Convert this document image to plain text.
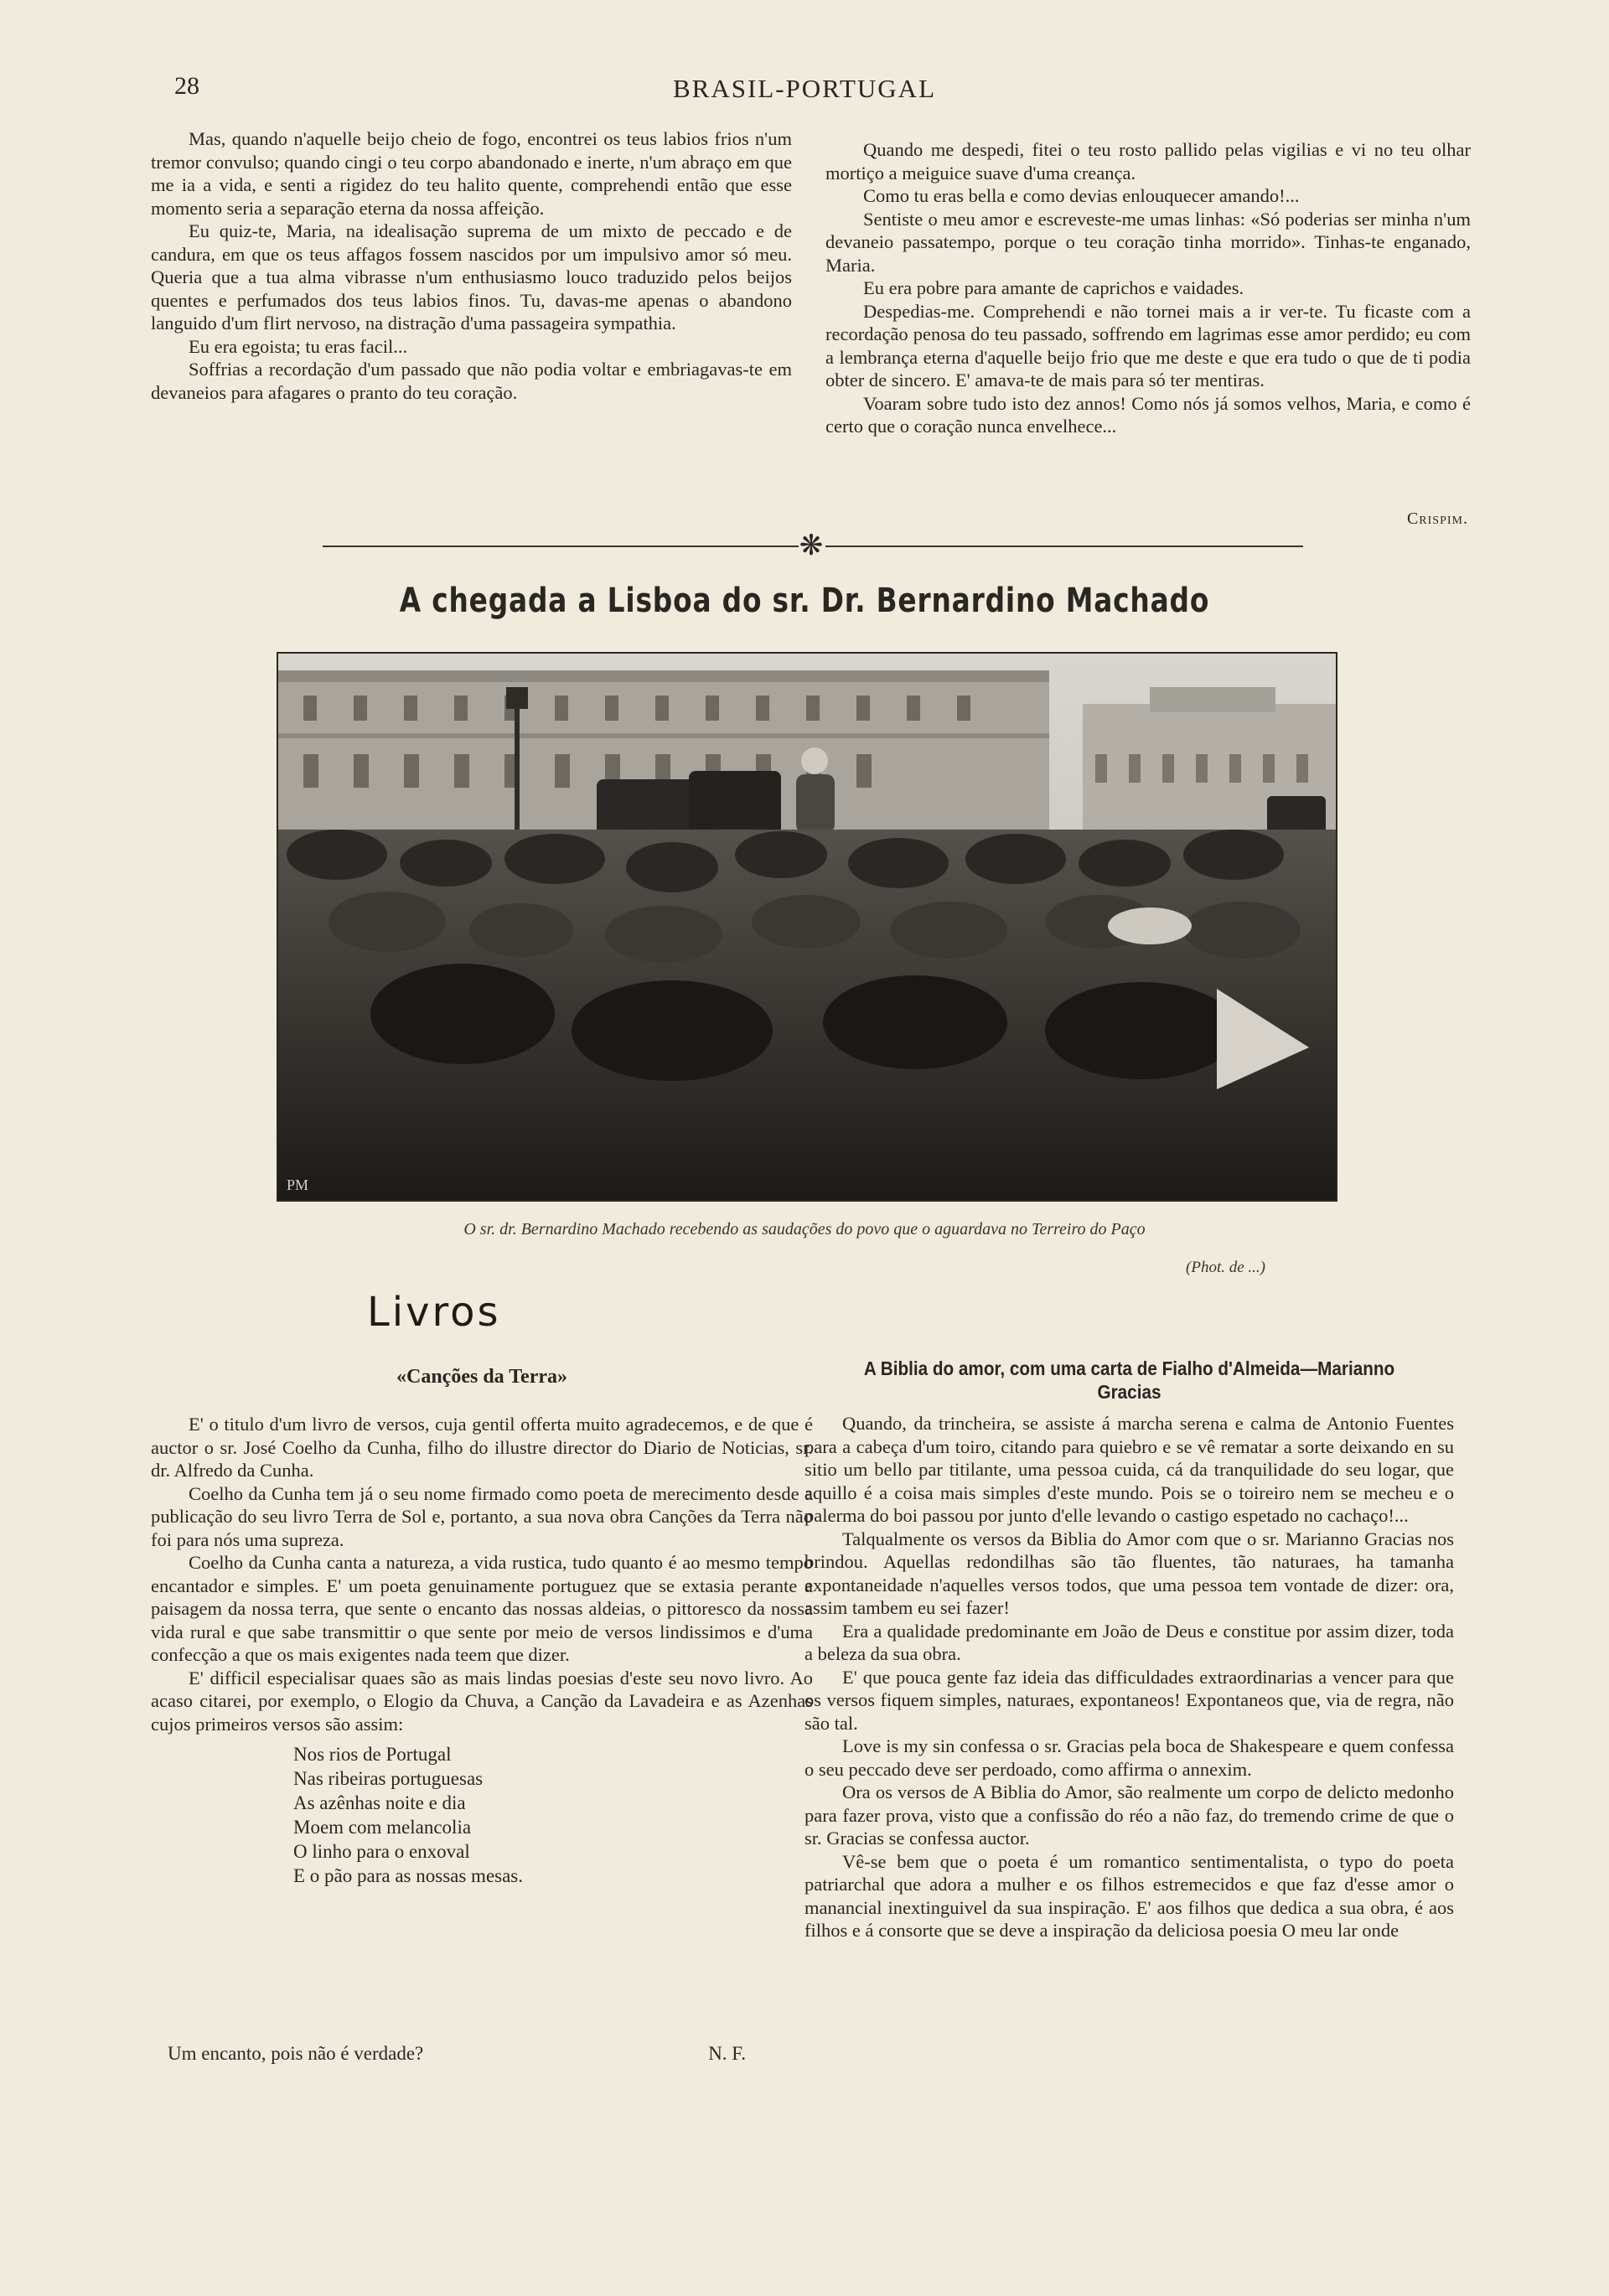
28	BRASIL-PORTUGAL

Mas, quando n'aquelle beijo cheio de fogo, encontrei os teus labios frios n'um tremor convulso; quando cingi o teu corpo abandonado e inerte, n'um abraço em que me ia a vida, e senti a rigidez do teu halito quente, comprehendi então que esse momento seria a separação eterna da nossa affeição.

Eu quiz-te, Maria, na idealisação suprema de um mixto de peccado e de candura, em que os teus affagos fossem nascidos por um impulsivo amor só meu. Queria que a tua alma vibrasse n'um enthusiasmo louco traduzido pelos beijos quentes e perfumados dos teus labios finos. Tu, davas-me apenas o abandono languido d'um flirt nervoso, na distração d'uma passageira sympathia.

Eu era egoista; tu eras facil...

Soffrias a recordação d'um passado que não podia voltar e embriagavas-te em devaneios para afagares o pranto do teu coração.

Quando me despedi, fitei o teu rosto pallido pelas vigilias e vi no teu olhar mortiço a meiguice suave d'uma creança.

Como tu eras bella e como devias enlouquecer amando!...

Sentiste o meu amor e escreveste-me umas linhas: «Só poderias ser minha n'um devaneio passatempo, porque o teu coração tinha morrido». Tinhas-te enganado, Maria.

Eu era pobre para amante de caprichos e vaidades.

Despedias-me. Comprehendi e não tornei mais a ir ver-te. Tu ficaste com a recordação penosa do teu passado, soffrendo em lagrimas esse amor perdido; eu com a lembrança eterna d'aquelle beijo frio que me deste e que era tudo o que de ti podia obter de sincero. E' amava-te de mais para só ter mentiras.

Voaram sobre tudo isto dez annos! Como nós já somos velhos, Maria, e como é certo que o coração nunca envelhece...

Crispim.
❋
A chegada a Lisboa do sr. Dr. Bernardino Machado
PM
O sr. dr. Bernardino Machado recebendo as saudações do povo que o aguardava no Terreiro do Paço
(Phot. de ...)
Livros
«Canções da Terra»

E' o titulo d'um livro de versos, cuja gentil offerta muito agradecemos, e de que é auctor o sr. José Coelho da Cunha, filho do illustre director do Diario de Noticias, sr. dr. Alfredo da Cunha.

Coelho da Cunha tem já o seu nome firmado como poeta de merecimento desde a publicação do seu livro Terra de Sol e, portanto, a sua nova obra Canções da Terra não foi para nós uma supreza.

Coelho da Cunha canta a natureza, a vida rustica, tudo quanto é ao mesmo tempo encantador e simples. E' um poeta genuinamente portuguez que se extasia perante a paisagem da nossa terra, que sente o encanto das nossas aldeias, o pittoresco da nossa vida rural e que sabe transmittir o que sente por meio de versos lindissimos e d'uma confecção a que os mais exigentes nada teem que dizer.

E' difficil especialisar quaes são as mais lindas poesias d'este seu novo livro. Ao acaso citarei, por exemplo, o Elogio da Chuva, a Canção da Lavadeira e as Azenhas cujos primeiros versos são assim:

Nos rios de Portugal
Nas ribeiras portuguesas
As azênhas noite e dia
Moem com melancolia
O linho para o enxoval
E o pão para as nossas mesas.
Um encanto, pois não é verdade?	N. F.
A Biblia do amor, com uma carta de Fialho d'Almeida—Marianno Gracias

Quando, da trincheira, se assiste á marcha serena e calma de Antonio Fuentes para a cabeça d'um toiro, citando para quiebro e se vê rematar a sorte deixando en su sitio um bello par titilante, uma pessoa cuida, cá da tranquilidade do seu logar, que aquillo é a coisa mais simples d'este mundo. Pois se o toireiro nem se mecheu e o palerma do boi passou por junto d'elle levando o castigo espetado no cachaço!...

Talqualmente os versos da Biblia do Amor com que o sr. Marianno Gracias nos brindou. Aquellas redondilhas são tão fluentes, tão naturaes, ha tamanha expontaneidade n'aquelles versos todos, que uma pessoa tem vontade de dizer: ora, assim tambem eu sei fazer!

Era a qualidade predominante em João de Deus e constitue por assim dizer, toda a beleza da sua obra.

E' que pouca gente faz ideia das difficuldades extraordinarias a vencer para que os versos fiquem simples, naturaes, expontaneos! Expontaneos que, via de regra, não são tal.

Love is my sin confessa o sr. Gracias pela boca de Shakespeare e quem confessa o seu peccado deve ser perdoado, como affirma o annexim.

Ora os versos de A Biblia do Amor, são realmente um corpo de delicto medonho para fazer prova, visto que a confissão do réo a não faz, do tremendo crime de que o sr. Gracias se confessa auctor.

Vê-se bem que o poeta é um romantico sentimentalista, o typo do poeta patriarchal que adora a mulher e os filhos estremecidos e que faz d'esse amor o manancial inextinguivel da sua inspiração. E' aos filhos que dedica a sua obra, é aos filhos e á consorte que se deve a inspiração da deliciosa poesia O meu lar onde
